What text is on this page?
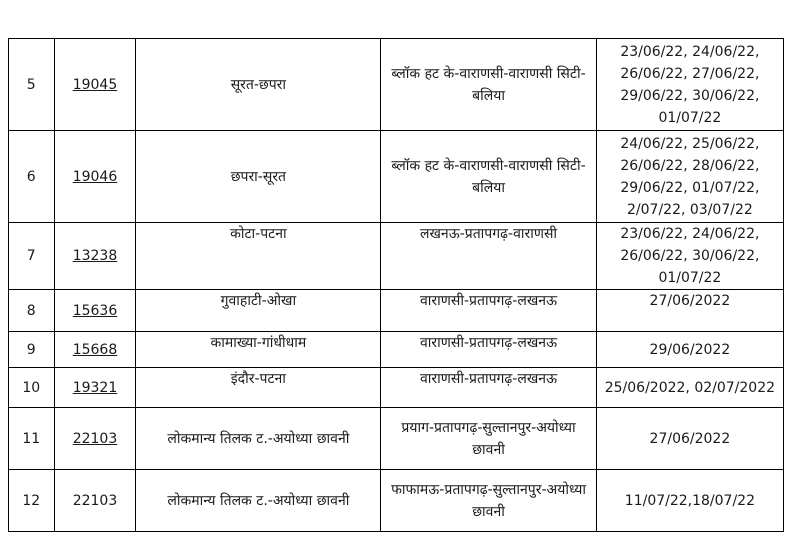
5	19045	सूरत-छपरा	ब्लॉक हट के-वाराणसी-वाराणसी सिटी-बलिया	23/06/22, 24/06/22, 26/06/22, 27/06/22, 29/06/22, 30/06/22, 01/07/22
6	19046	छपरा-सूरत	ब्लॉक हट के-वाराणसी-वाराणसी सिटी-बलिया	24/06/22, 25/06/22, 26/06/22, 28/06/22, 29/06/22, 01/07/22, 2/07/22, 03/07/22
7	13238	कोटा-पटना	लखनऊ-प्रतापगढ़-वाराणसी	23/06/22, 24/06/22, 26/06/22, 30/06/22, 01/07/22
8	15636	गुवाहाटी-ओखा	वाराणसी-प्रतापगढ़-लखनऊ	27/06/2022
9	15668	कामाख्या-गांधीधाम	वाराणसी-प्रतापगढ़-लखनऊ	29/06/2022
10	19321	इंदौर-पटना	वाराणसी-प्रतापगढ़-लखनऊ	25/06/2022, 02/07/2022
11	22103	लोकमान्य तिलक ट.-अयोध्या छावनी	प्रयाग-प्रतापगढ़-सुल्तानपुर-अयोध्या छावनी	27/06/2022
12	22103	लोकमान्य तिलक ट.-अयोध्या छावनी	फाफामऊ-प्रतापगढ़-सुल्तानपुर-अयोध्या छावनी	11/07/22,18/07/22
